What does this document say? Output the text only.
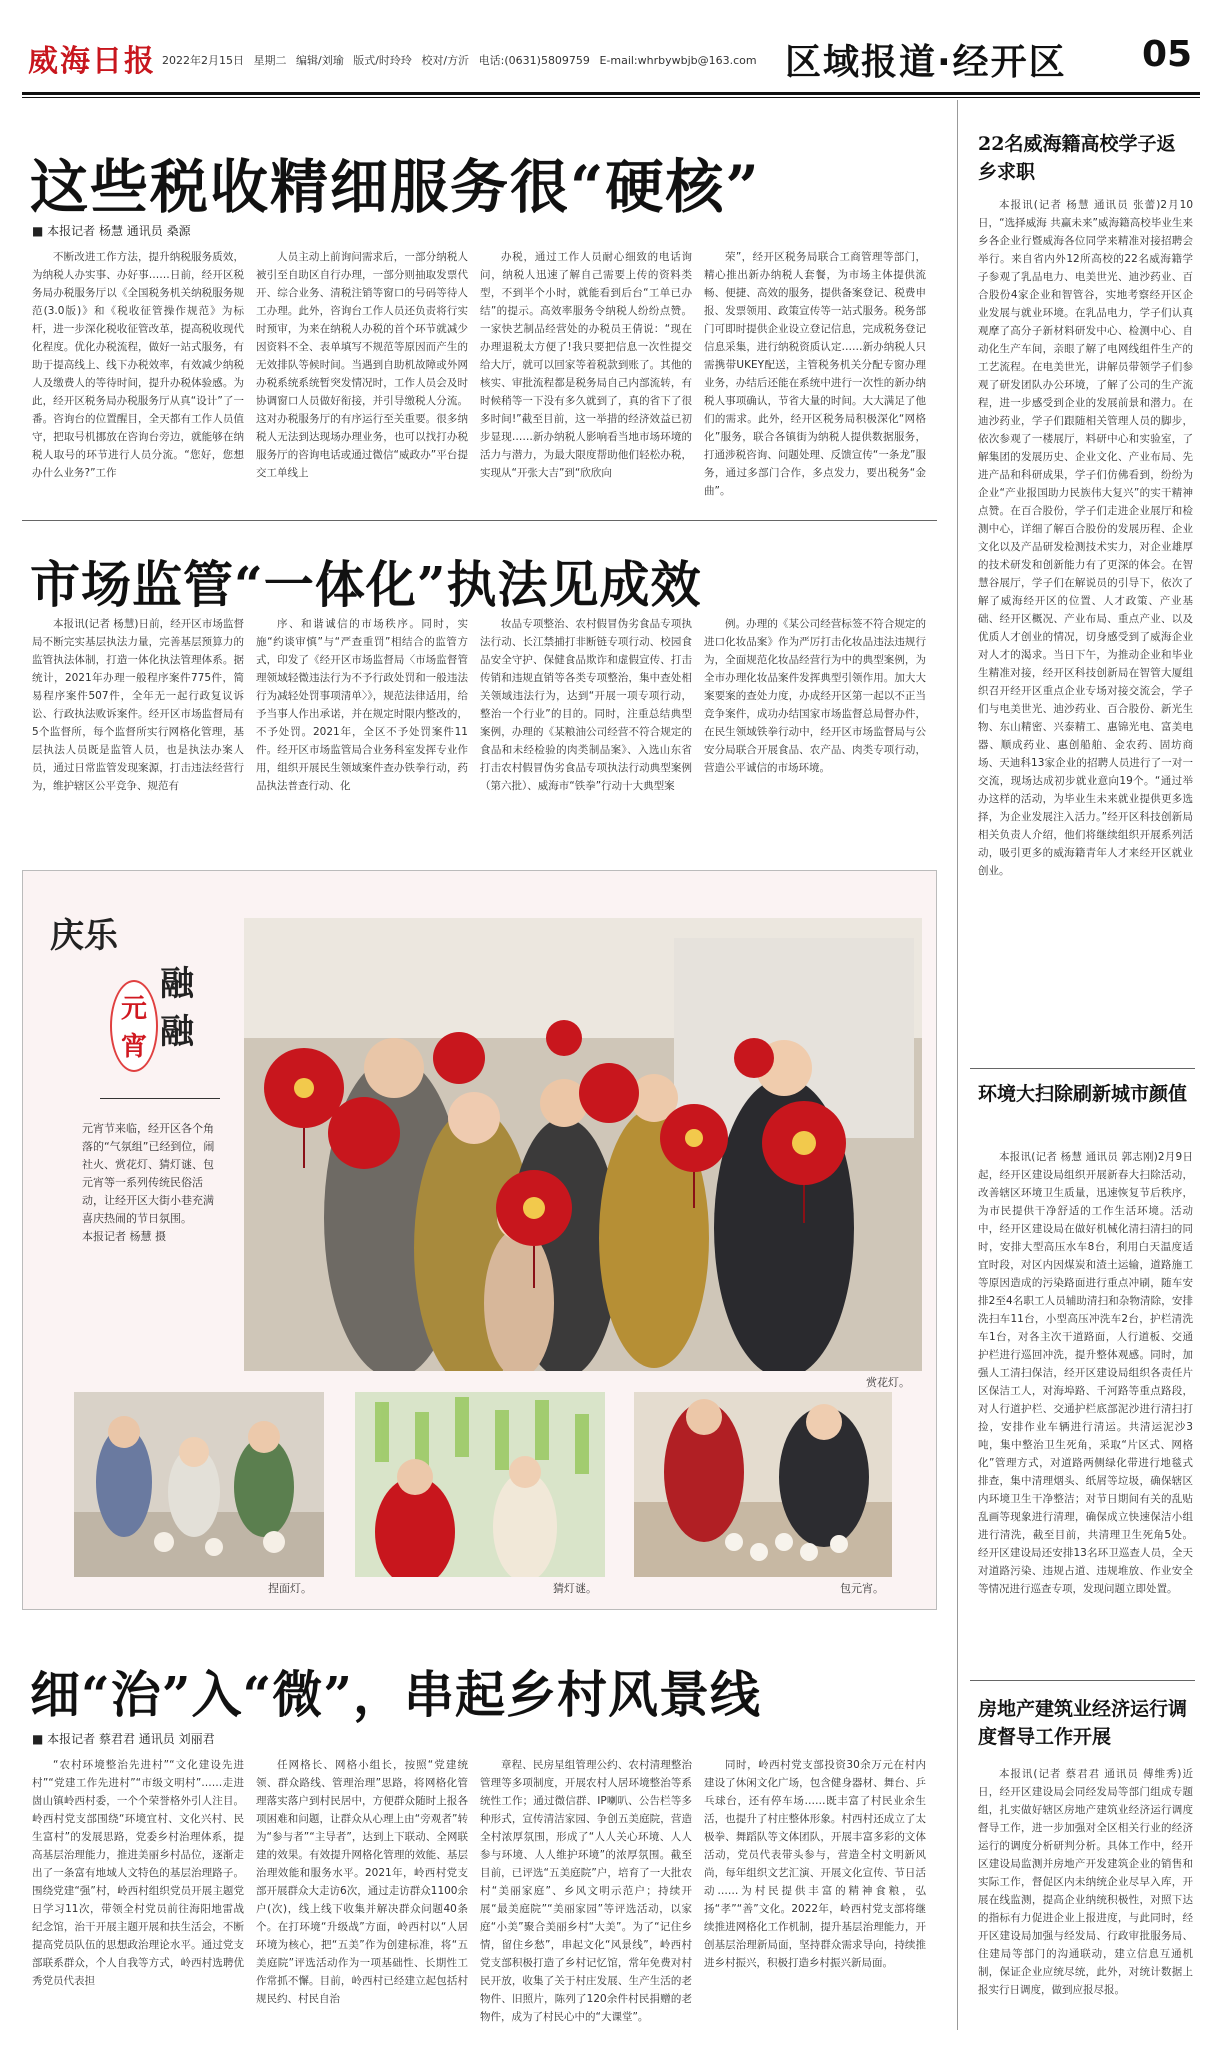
威海日报 2022年2月15日 星期二 编辑/刘瑜 版式/时玲玲 校对/方沂 电话:(0631)5809759 E-mail:whrbywbjb@163.com 区域报道·经开区 05
这些税收精细服务很“硬核”
■ 本报记者 杨慧 通讯员 桑源
不断改进工作方法，提升纳税服务质效，为纳税人办实事、办好事……日前，经开区税务局办税服务厅以《全国税务机关纳税服务规范(3.0版)》和《税收征管操作规范》为标杆，进一步深化税收征管改革，提高税收现代化程度。优化办税流程，做好一站式服务，有助于提高线上、线下办税效率，有效减少纳税人及缴费人的等待时间，提升办税体验感。为此，经开区税务局办税服务厅从真“设计”了一番。咨询台的位置醒目，全天都有工作人员值守，把取号机挪放在咨询台旁边，就能够在纳税人取号的环节进行人员分流。“您好，您想办什么业务?”工作
人员主动上前询问需求后，一部分纳税人被引至自助区自行办理，一部分则抽取发票代开、综合业务、清税注销等窗口的号码等待人工办理。此外，咨询台工作人员还负责将行实时预审，为来在纳税人办税的首个环节就减少因资料不全、表单填写不规范等原因而产生的无效排队等候时间。当遇到自助机故障或外网办税系统系统暂突发情况时，工作人员会及时协调窗口人员做好衔接，并引导缴税人分流。这对办税服务厅的有序运行至关重要。很多纳税人无法到达现场办理业务，也可以找打办税服务厅的咨询电话或通过微信“威政办”平台提交工单线上
办税，通过工作人员耐心细致的电话询问，纳税人迅速了解自己需要上传的资料类型，不到半个小时，就能看到后台“工单已办结”的提示。高效率服务令纳税人纷纷点赞。一家快艺制品经营处的办税员王倩说：“现在办理退税太方便了!我只要把信息一次性提交给大厅，就可以回家等着税款到账了。其他的核实、审批流程都是税务局自己内部流转，有时候稍等一下没有多久就到了，真的省下了很多时间!”截至目前，这一举措的经济效益已初步显现……新办纳税人影响看当地市场环境的活力与潜力，为最大限度帮助他们轻松办税，实现从“开张大吉”到“欣欣向
荣”，经开区税务局联合工商管理等部门，精心推出新办纳税人套餐，为市场主体提供流畅、便捷、高效的服务，提供备案登记、税费申报、发票领用、政策宣传等一站式服务。税务部门可即时提供企业设立登记信息，完成税务登记信息采集，进行纳税资质认定……新办纳税人只需携带UKEY配送，主管税务机关分配专窗办理业务，办结后还能在系统中进行一次性的新办纳税人事项确认，节省大量的时间。大大满足了他们的需求。此外，经开区税务局积极深化“网格化”服务，联合各镇街为纳税人提供数据服务，打通涉税咨询、问题处理、反馈宣传“一条龙”服务，通过多部门合作，多点发力，要出税务“金曲”。
市场监管“一体化”执法见成效
本报讯(记者 杨慧)日前，经开区市场监督局不断完实基层执法力量，完善基层预算力的监管执法体制，打造一体化执法管理体系。据统计，2021年办理一般程序案件775件，简易程序案件507件，全年无一起行政复议诉讼、行政执法败诉案件。经开区市场监督局有5个监督所，每个监督所实行网格化管理，基层执法人员既是监管人员，也是执法办案人员，通过日常监管发现案源，打击违法经营行为，维护辖区公平竞争、规范有
序、和谐诚信的市场秩序。同时，实施“约谈审慎”与“严查重罚”相结合的监管方式，印发了《经开区市场监督局〈市场监督管理领域轻微违法行为不予行政处罚和一般违法行为减轻处罚事项清单〉》，规范法律适用，给予当事人作出承诺，并在规定时限内整改的，不予处罚。2021年，全区不予处罚案件11件。经开区市场监管局合业务科室发挥专业作用，组织开展民生领域案件查办铁拳行动，药品执法普查行动、化
妆品专项整治、农村假冒伪劣食品专项执法行动、长江禁捕打非断链专项行动、校园食品安全守护、保健食品欺诈和虚假宣传、打击传销和违规直销等各类专项整治，集中查处相关领域违法行为，达到“开展一项专项行动，整治一个行业”的目的。同时，注重总结典型案例，办理的《某粮油公司经营不符合规定的食品和未经检验的肉类制品案》、入选山东省打击农村假冒伪劣食品专项执法行动典型案例（第六批）、威海市“铁拳”行动十大典型案
例。办理的《某公司经营标签不符合规定的进口化妆品案》作为严厉打击化妆品违法违规行为，全面规范化妆品经营行为中的典型案例，为全市办理化妆品案件发挥典型引领作用。加大大案要案的查处力度，办成经开区第一起以不正当竞争案件，成功办结国家市场监督总局督办件，在民生领域铁拳行动中，经开区市场监督局与公安分局联合开展食品、农产品、肉类专项行动，营造公平诚信的市场环境。
庆乐
融融
元宵
元宵节来临，经开区各个角落的“气氛组”已经到位，闹社火、赏花灯、猜灯谜、包元宵等一系列传统民俗活动，让经开区大街小巷充满喜庆热闹的节日氛围。
本报记者 杨慧 摄
赏花灯。
捏面灯。	猜灯谜。	包元宵。
细“治”入“微”，串起乡村风景线
■ 本报记者 蔡君君 通讯员 刘丽君
“农村环境整治先进村”“文化建设先进村”“党建工作先进村”“市级文明村”……走进崮山镇岭西村委，一个个荣誉格外引人注目。岭西村党支部围绕“环境宜村、文化兴村、民生富村”的发展思路，党委乡村治理体系，提高基层治理能力，推进美丽乡村品位，逐渐走出了一条富有地域人文特色的基层治理路子。围绕党建“强”村，岭西村组织党员开展主题党日学习11次，带领全村党员前往海阳地雷战纪念馆，治干开展主题开展和扶生活会，不断提高党员队伍的思想政治理论水平。通过党支部联系群众，个人自我等方式，岭西村选聘优秀党员代表担
任网格长、网格小组长，按照“党建统领、群众路线、管理治理”思路，将网格化管理落实落户到村民居中，方便群众随时上报各项困难和问题，让群众从心理上由“旁观者”转为“参与者”“主导者”，达到上下联动、全网联建的效果。有效提升网格化管理的效能、基层治理效能和服务水平。2021年，岭西村党支部开展群众大走访6次，通过走访群众1100余户(次)，线上线下收集并解决群众问题40条个。在打环境“升级战”方面，岭西村以“人居环境为核心，把“五美”作为创建标准，将“五美庭院”评选活动作为一项基础性、长期性工作常抓不懈。目前，岭西村已经建立起包括村规民约、村民自治
章程、民房星组管理公约、农村清理整治管理等多项制度，开展农村人居环境整治等系统性工作；通过微信群、IP喇叭、公告栏等多种形式，宣传清洁家园、争创五美庭院，营造全村浓厚氛围，形成了“人人关心环境、人人参与环境、人人维护环境”的浓厚氛围。截至目前，已评选“五美庭院”户，培育了一大批农村“美丽家庭”、乡风文明示范户；持续开展“最美庭院”“美丽家园”等评选活动，以家庭“小美”聚合美丽乡村“大美”。为了“记住乡情，留住乡愁”，串起文化“风景线”，岭西村党支部积极打造了乡村记忆馆，常年免费对村民开放，收集了关于村庄发展、生产生活的老物件、旧照片，陈列了120余件村民捐赠的老物件，成为了村民心中的“大课堂”。
同时，岭西村党支部投资30余万元在村内建设了休闲文化广场，包含健身器材、舞台、乒乓球台，还有停车场……既丰富了村民业余生活，也提升了村庄整体形象。村西村还成立了太极拳、舞蹈队等文体团队，开展丰富多彩的文体活动，党员代表带头参与，营造全村文明新风尚，每年组织文艺汇演、开展文化宣传、节日活动……为村民提供丰富的精神食粮，弘扬“孝”“善”文化。2022年，岭西村党支部将继续推进网格化工作机制，提升基层治理能力，开创基层治理新局面，坚持群众需求导向，持续推进乡村振兴，积极打造乡村振兴新局面。
22名威海籍高校学子返乡求职
本报讯(记者 杨慧 通讯员 张蕾)2月10日，“选择威海 共赢未来”威海籍高校毕业生来乡各企业行暨威海各位同学来精准对接招聘会举行。来自省内外12所高校的22名威海籍学子参观了乳品电力、电美世光、迪沙药业、百合股份4家企业和智管谷，实地考察经开区企业发展与就业环境。在乳品电力，学子们认真观摩了高分子新材料研发中心、检测中心、自动化生产车间，亲眼了解了电网线组件生产的工艺流程。在电美世光，讲解员带领学子们参观了研发团队办公环境，了解了公司的生产流程，进一步感受到企业的发展前景和潜力。在迪沙药业，学子们跟随相关管理人员的脚步，依次参观了一楼展厅，料研中心和实验室，了解集团的发展历史、企业文化、产业布局、先进产品和科研成果，学子们仿佛看到，纷纷为企业“产业报国助力民族伟大复兴”的实干精神点赞。在百合股份，学子们走进企业展厅和检测中心，详细了解百合股份的发展历程、企业文化以及产品研发检测技术实力，对企业雄厚的技术研发和创新能力有了更深的体会。在智慧谷展厅，学子们在解说员的引导下，依次了解了威海经开区的位置、人才政策、产业基础、经开区概况、产业布局、重点产业、以及优质人才创业的情况，切身感受到了威海企业对人才的渴求。当日下午，为推动企业和毕业生精准对接，经开区科技创新局在智管大厦组织召开经开区重点企业专场对接交流会，学子们与电美世光、迪沙药业、百合股份、新光生物、东山精密、兴泰精工、惠锦光电、富美电器、顺成药业、惠创船舶、金农药、固坊商场、天迪科13家企业的招聘人员进行了一对一交流，现场达成初步就业意向19个。“通过举办这样的活动，为毕业生未来就业提供更多选择，为企业发展注入活力。”经开区科技创新局相关负责人介绍，他们将继续组织开展系列活动，吸引更多的威海籍青年人才来经开区就业创业。
环境大扫除刷新城市颜值
本报讯(记者 杨慧 通讯员 郭志刚)2月9日起，经开区建设局组织开展新春大扫除活动，改善辖区环境卫生质量，迅速恢复节后秩序，为市民提供干净舒适的工作生活环境。活动中，经开区建设局在做好机械化清扫清扫的同时，安排大型高压水车8台，利用白天温度适宜时段，对区内因煤炭和渣土运输，道路施工等原因造成的污染路面进行重点冲刷，随车安排2至4名职工人员辅助清扫和杂物清除，安排洗扫车11台，小型高压冲洗车2台，护栏清洗车1台，对各主次干道路面，人行道板、交通护栏进行巡回冲洗，提升整体观感。同时，加强人工清扫保洁，经开区建设局组织各责任片区保洁工人，对海埠路、千河路等重点路段，对人行道护栏、交通护栏底部泥沙进行清扫打捡，安排作业车辆进行清运。共清运泥沙3吨，集中整治卫生死角，采取“片区式、网格化”管理方式，对道路两侧绿化带进行地毯式排查，集中清理烟头、纸屑等垃圾，确保辖区内环境卫生干净整洁；对节日期间有关的乱贴乱画等现象进行清理，确保成立快速保洁小组进行清洗，截至目前，共清理卫生死角5处。经开区建设局还安排13名环卫巡查人员，全天对道路污染、违规占道、违规堆放、作业安全等情况进行巡查专项，发现问题立即处置。
房地产建筑业经济运行调度督导工作开展
本报讯(记者 蔡君君 通讯员 傅维秀)近日，经开区建设局会同经发局等部门组成专题组，扎实做好辖区房地产建筑业经济运行调度督导工作，进一步加强对全区相关行业的经济运行的调度分析研判分析。具体工作中，经开区建设局监测并房地产开发建筑企业的销售和实际工作，督促区内未纳统企业尽早入库，开展在线监测，提高企业纳统积极性，对照下达的指标有力促进企业上报进度，与此同时，经开区建设局加强与经发局、行政审批服务局、住建局等部门的沟通联动，建立信息互通机制，保证企业应统尽统，此外，对统计数据上报实行日调度，做到应报尽报。
